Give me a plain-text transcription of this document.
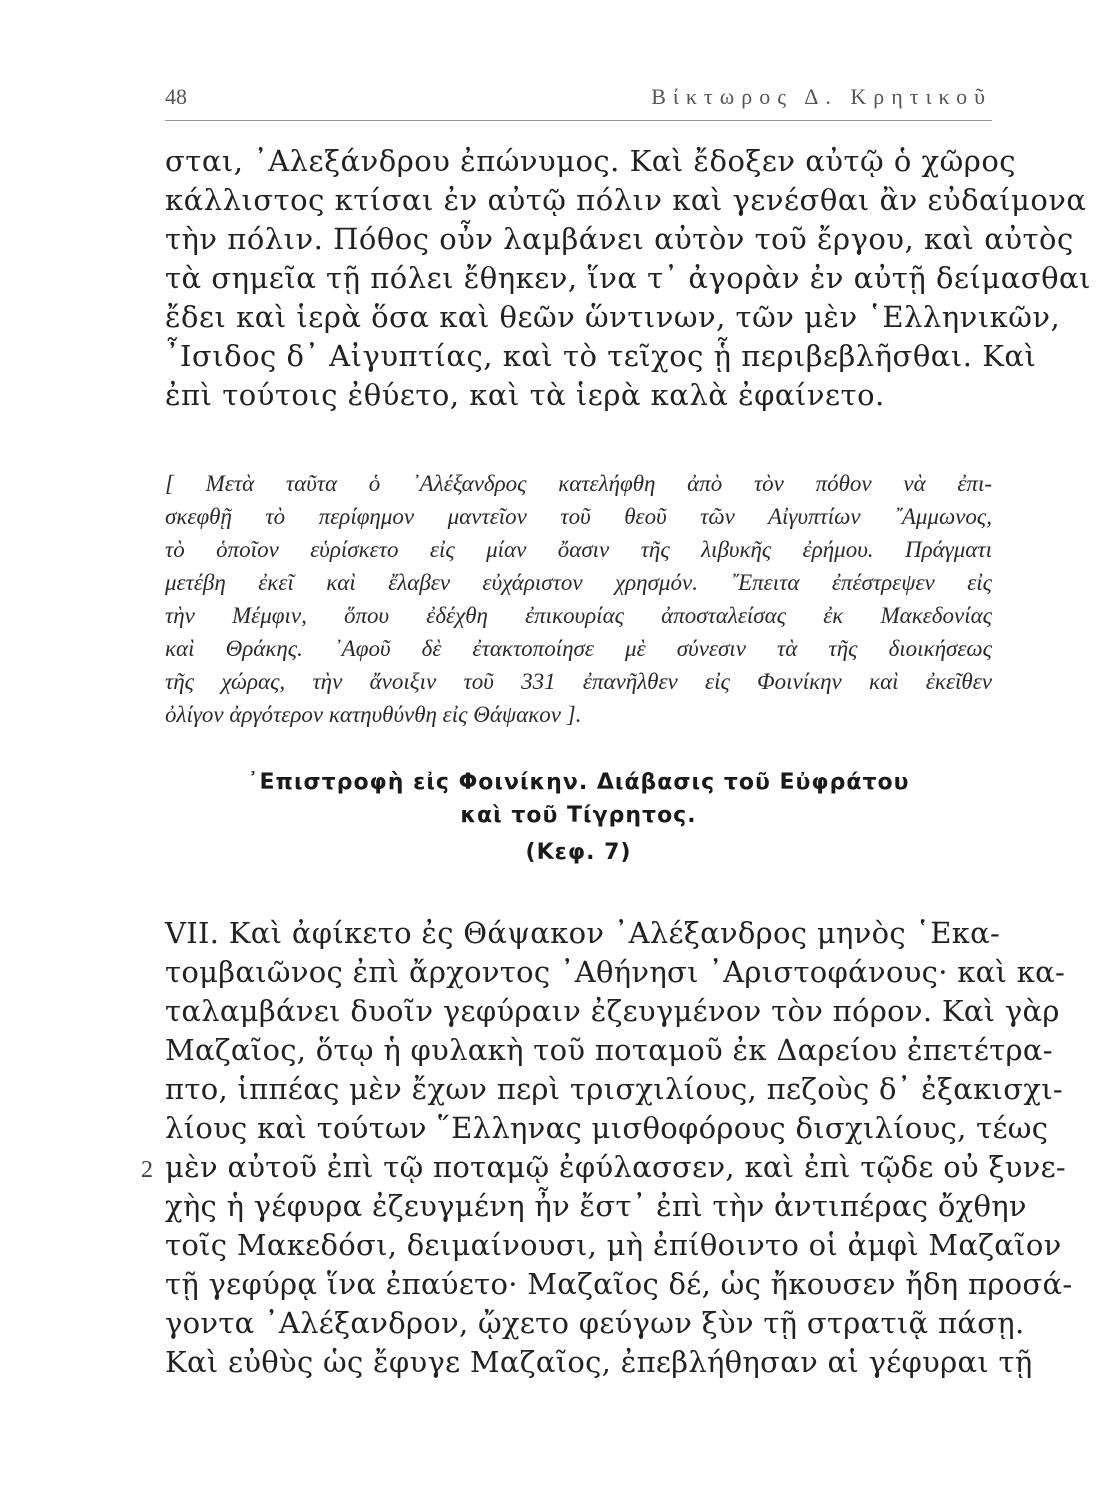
48	Βίκτωρος Δ. Κρητικοῦ
σται, ᾿Αλεξάνδρου ἐπώνυμος. Καὶ ἔδοξεν αὐτῷ ὁ χῶρος
κάλλιστος κτίσαι ἐν αὐτῷ πόλιν καὶ γενέσθαι ἂν εὐδαίμονα
τὴν πόλιν. Πόθος οὖν λαμβάνει αὐτὸν τοῦ ἔργου, καὶ αὐτὸς
τὰ σημεῖα τῇ πόλει ἔθηκεν, ἵνα τ᾿ ἀγορὰν ἐν αὐτῇ δείμασθαι
ἔδει καὶ ἱερὰ ὅσα καὶ θεῶν ὥντινων, τῶν μὲν ῾Ελληνικῶν,
῏Ισιδος δ᾿ Αἰγυπτίας, καὶ τὸ τεῖχος ᾗ περιβεβλῆσθαι. Καὶ
ἐπὶ τούτοις ἐθύετο, καὶ τὰ ἱερὰ καλὰ ἐφαίνετο.
[ Μετὰ ταῦτα ὁ ᾿Αλέξανδρος κατελήφθη ἀπὸ τὸν πόθον νὰ ἐπι-
σκεφθῇ τὸ περίφημον μαντεῖον τοῦ θεοῦ τῶν Αἰγυπτίων ῎Αμμωνος,
τὸ ὁποῖον εὑρίσκετο εἰς μίαν ὄασιν τῆς λιβυκῆς ἐρήμου. Πράγματι
μετέβη ἐκεῖ καὶ ἔλαβεν εὐχάριστον χρησμόν. ῎Επειτα ἐπέστρεψεν εἰς
τὴν Μέμφιν, ὅπου ἐδέχθη ἐπικουρίας ἀποσταλείσας ἐκ Μακεδονίας
καὶ Θράκης. ᾿Αφοῦ δὲ ἐτακτοποίησε μὲ σύνεσιν τὰ τῆς διοικήσεως
τῆς χώρας, τὴν ἄνοιξιν τοῦ 331 ἐπανῆλθεν εἰς Φοινίκην καὶ ἐκεῖθεν
ὀλίγον ἀργότερον κατηυθύνθη εἰς Θάψακον ].
᾿Επιστροφὴ εἰς Φοινίκην. Διάβασις τοῦ Εὐφράτου
καὶ τοῦ Τίγρητος.
(Κεφ. 7)
2
VII. Καὶ ἀφίκετο ἐς Θάψακον ᾿Αλέξανδρος μηνὸς ῾Εκα-
τομβαιῶνος ἐπὶ ἄρχοντος ᾿Αθήνησι ᾿Αριστοφάνους· καὶ κα-
ταλαμβάνει δυοῖν γεφύραιν ἐζευγμένον τὸν πόρον. Καὶ γὰρ
Μαζαῖος, ὅτῳ ἡ φυλακὴ τοῦ ποταμοῦ ἐκ Δαρείου ἐπετέτρα-
πτο, ἱππέας μὲν ἔχων περὶ τρισχιλίους, πεζοὺς δ᾿ ἐξακισχι-
λίους καὶ τούτων ῞Ελληνας μισθοφόρους δισχιλίους, τέως
μὲν αὐτοῦ ἐπὶ τῷ ποταμῷ ἐφύλασσεν, καὶ ἐπὶ τῷδε οὐ ξυνε-
χὴς ἡ γέφυρα ἐζευγμένη ἦν ἔστ᾿ ἐπὶ τὴν ἀντιπέρας ὄχθην
τοῖς Μακεδόσι, δειμαίνουσι, μὴ ἐπίθοιντο οἱ ἀμφὶ Μαζαῖον
τῇ γεφύρᾳ ἵνα ἐπαύετο· Μαζαῖος δέ, ὡς ἤκουσεν ἤδη προσά-
γοντα ᾿Αλέξανδρον, ᾤχετο φεύγων ξὺν τῇ στρατιᾷ πάσῃ.
Καὶ εὐθὺς ὡς ἔφυγε Μαζαῖος, ἐπεβλήθησαν αἱ γέφυραι τῇ
